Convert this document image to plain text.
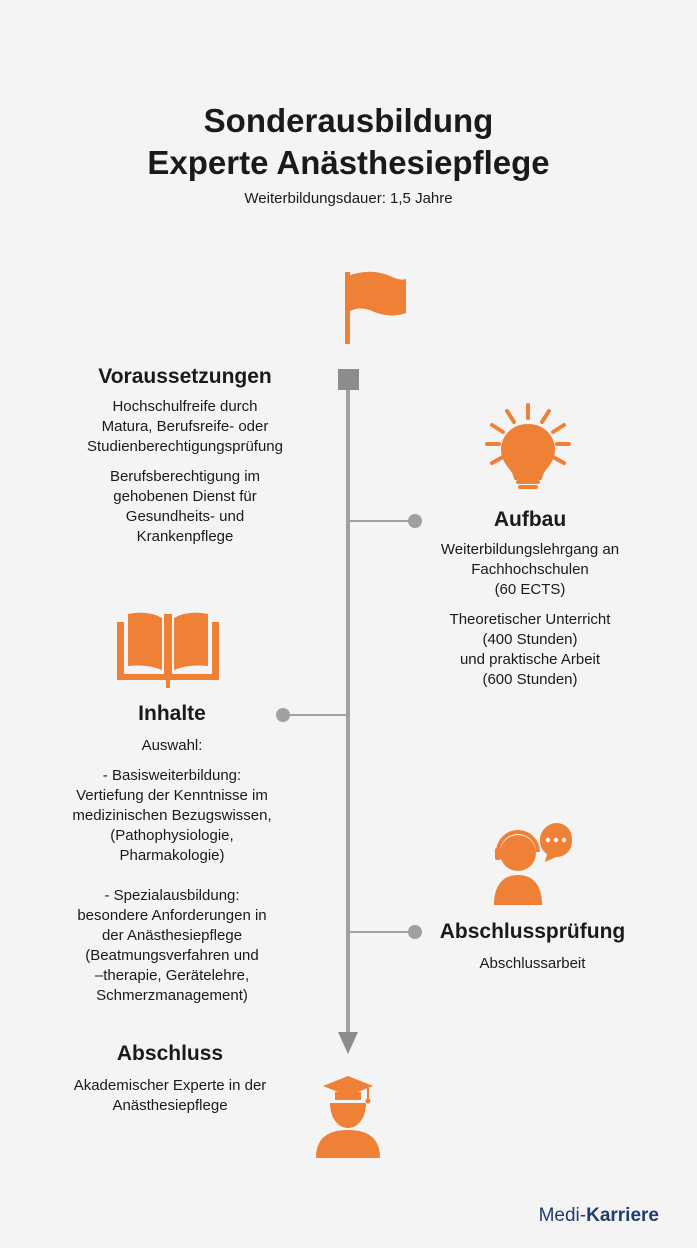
Sonderausbildung
Experte Anästhesiepflege
Weiterbildungsdauer: 1,5 Jahre
Voraussetzungen

Hochschulfreife durch

Matura, Berufsreife- oder

Studienberechtigungsprüfung

Berufsberechtigung im

gehobenen Dienst für

Gesundheits- und

Krankenpflege

Aufbau

Weiterbildungslehrgang an

Fachhochschulen

(60 ECTS)

Theoretischer Unterricht

(400 Stunden)

und praktische Arbeit

(600 Stunden)

Inhalte

Auswahl:

- Basisweiterbildung:

Vertiefung der Kenntnisse im

medizinischen Bezugswissen,

(Pathophysiologie,

Pharmakologie)

- Spezialausbildung:

besondere Anforderungen in

der Anästhesiepflege

(Beatmungsverfahren und

–therapie, Gerätelehre,

Schmerzmanagement)

Abschlussprüfung

Abschlussarbeit

Abschluss

Akademischer Experte in der

Anästhesiepflege

Medi-Karriere
